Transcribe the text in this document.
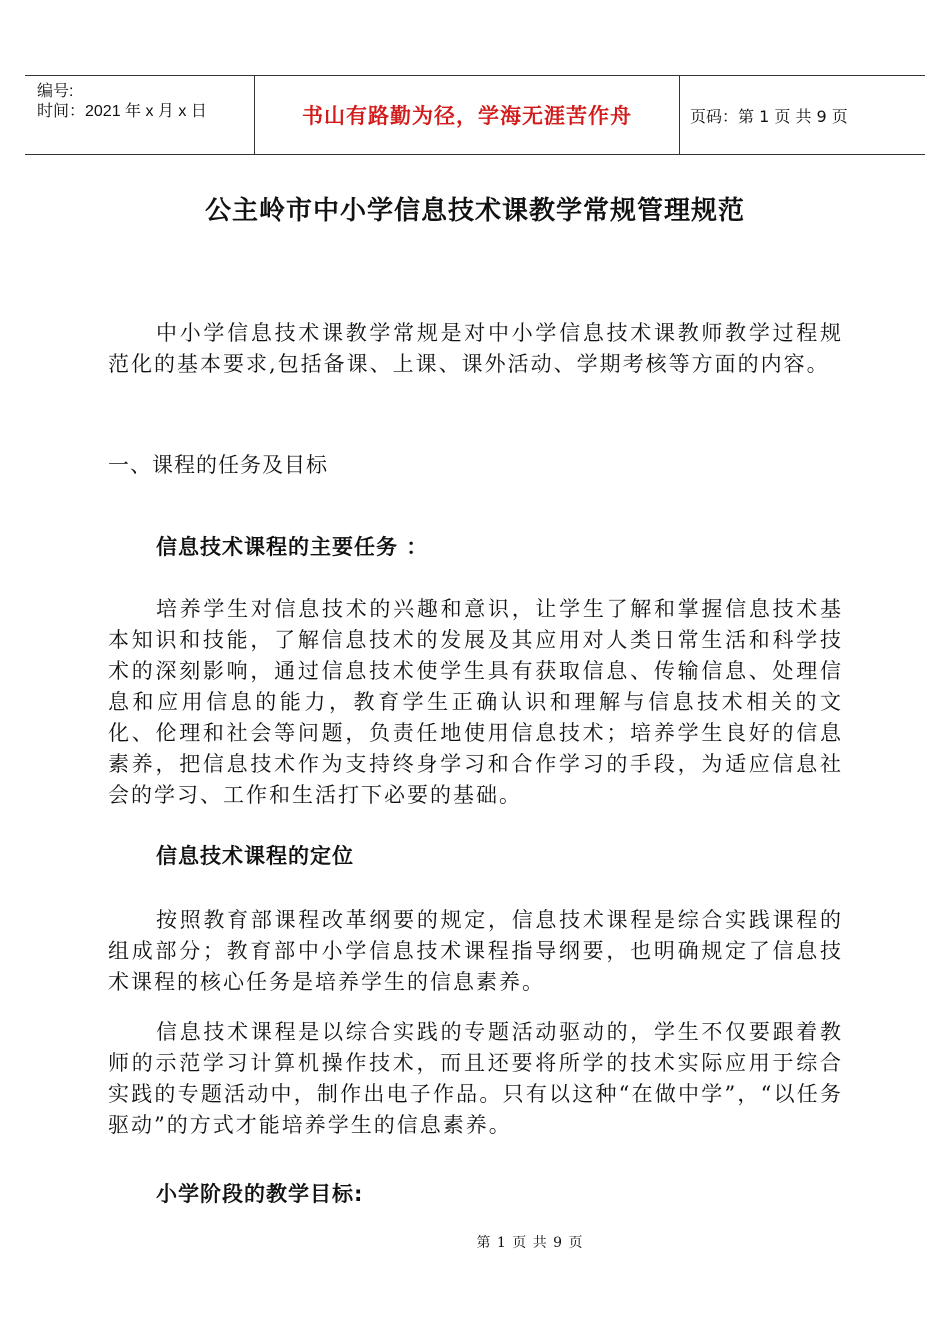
编号:
时间：2021 年 x 月 x 日	书山有路勤为径，学海无涯苦作舟	页码：第 1 页 共 9 页
公主岭市中小学信息技术课教学常规管理规范

中小学信息技术课教学常规是对中小学信息技术课教师教学过程规范化的基本要求,包括备课、上课、课外活动、学期考核等方面的内容。

一、课程的任务及目标
信息技术课程的主要任务 ：

培养学生对信息技术的兴趣和意识，让学生了解和掌握信息技术基本知识和技能，了解信息技术的发展及其应用对人类日常生活和科学技术的深刻影响，通过信息技术使学生具有获取信息、传输信息、处理信息和应用信息的能力，教育学生正确认识和理解与信息技术相关的文化、伦理和社会等问题，负责任地使用信息技术；培养学生良好的信息素养，把信息技术作为支持终身学习和合作学习的手段，为适应信息社会的学习、工作和生活打下必要的基础。

信息技术课程的定位

按照教育部课程改革纲要的规定，信息技术课程是综合实践课程的组成部分；教育部中小学信息技术课程指导纲要，也明确规定了信息技术课程的核心任务是培养学生的信息素养。

信息技术课程是以综合实践的专题活动驱动的，学生不仅要跟着教师的示范学习计算机操作技术，而且还要将所学的技术实际应用于综合实践的专题活动中，制作出电子作品。只有以这种“在做中学”，“以任务驱动”的方式才能培养学生的信息素养。

小学阶段的教学目标:
第 1 页 共 9 页
